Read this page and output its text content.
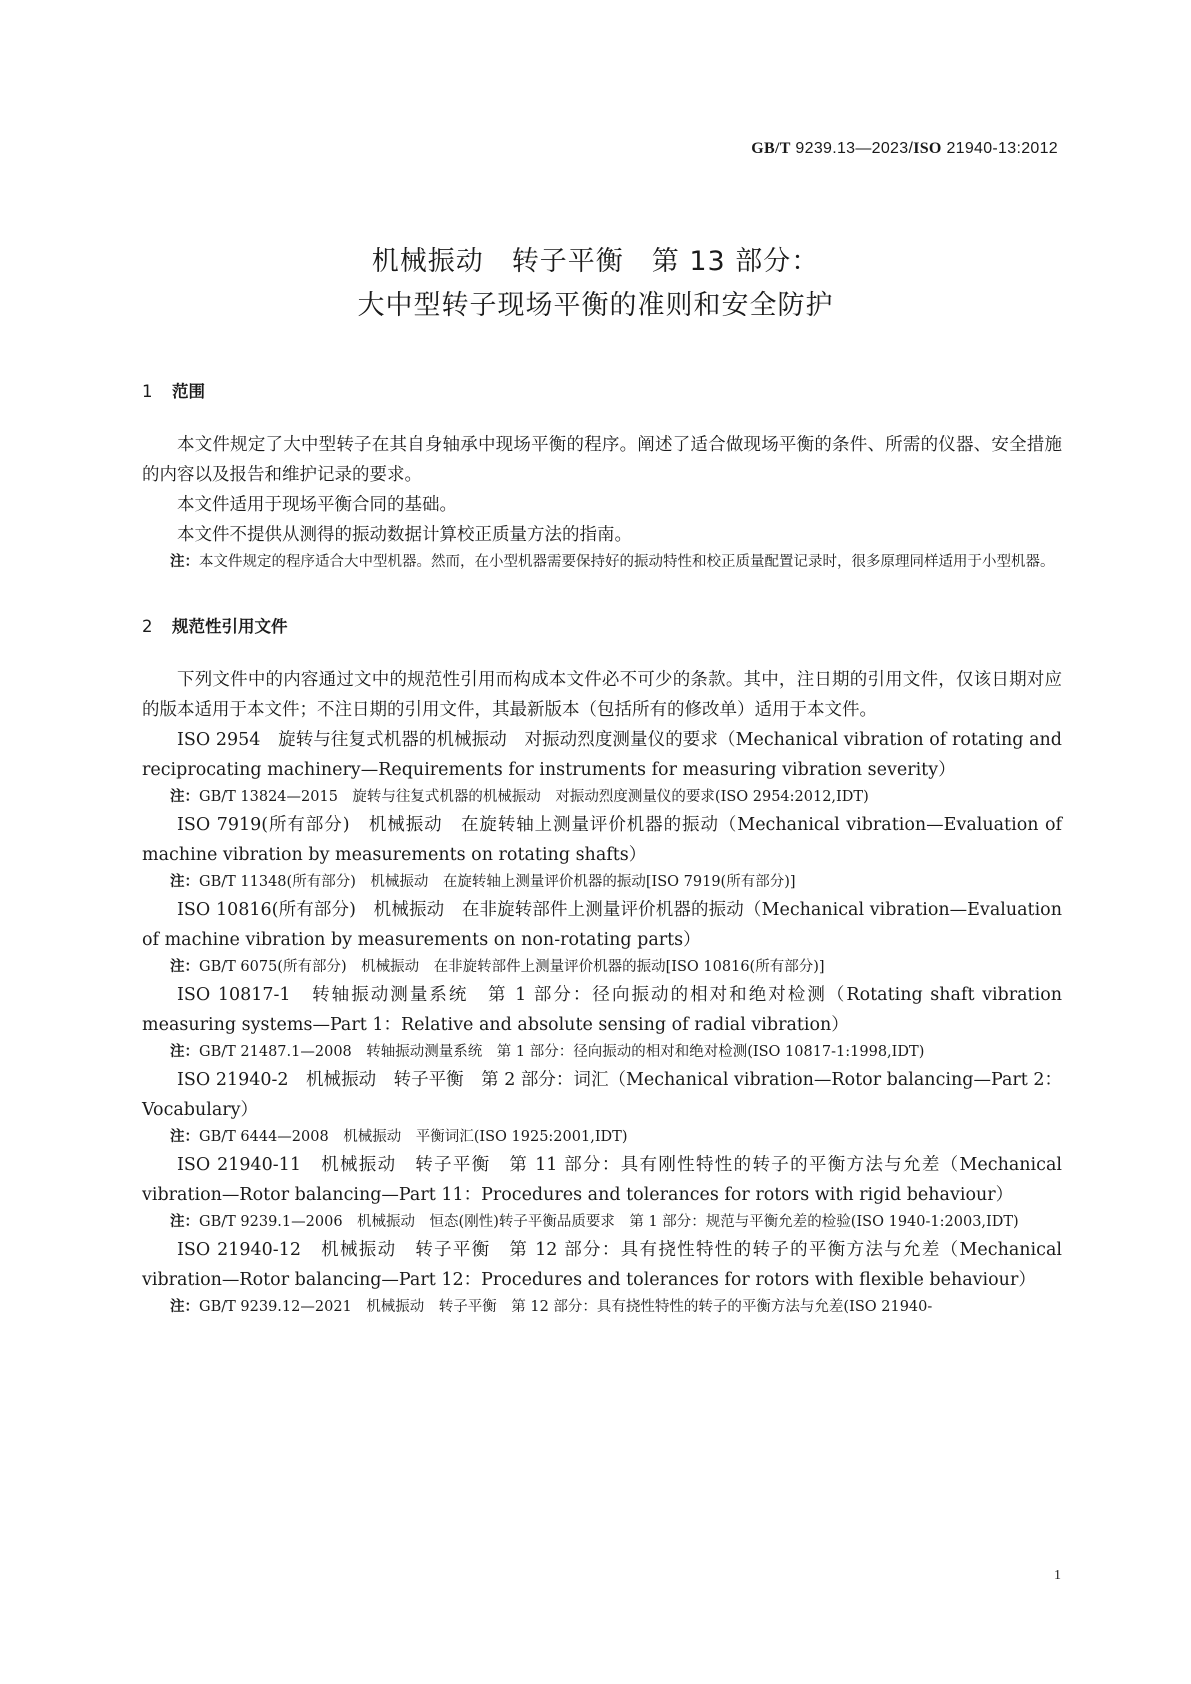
GB/T 9239.13—2023/ISO 21940-13:2012
机械振动　转子平衡　第 13 部分：
大中型转子现场平衡的准则和安全防护
1 范围

本文件规定了大中型转子在其自身轴承中现场平衡的程序。阐述了适合做现场平衡的条件、所需的仪器、安全措施的内容以及报告和维护记录的要求。

本文件适用于现场平衡合同的基础。

本文件不提供从测得的振动数据计算校正质量方法的指南。

注：本文件规定的程序适合大中型机器。然而，在小型机器需要保持好的振动特性和校正质量配置记录时，很多原理同样适用于小型机器。

2 规范性引用文件

下列文件中的内容通过文中的规范性引用而构成本文件必不可少的条款。其中，注日期的引用文件，仅该日期对应的版本适用于本文件；不注日期的引用文件，其最新版本（包括所有的修改单）适用于本文件。

ISO 2954　旋转与往复式机器的机械振动　对振动烈度测量仪的要求（Mechanical vibration of rotating and reciprocating machinery—Requirements for instruments for measuring vibration severity）

注：GB/T 13824—2015　旋转与往复式机器的机械振动　对振动烈度测量仪的要求(ISO 2954:2012,IDT)

ISO 7919(所有部分)　机械振动　在旋转轴上测量评价机器的振动（Mechanical vibration—Evaluation of machine vibration by measurements on rotating shafts）

注：GB/T 11348(所有部分)　机械振动　在旋转轴上测量评价机器的振动[ISO 7919(所有部分)]

ISO 10816(所有部分)　机械振动　在非旋转部件上测量评价机器的振动（Mechanical vibration—Evaluation of machine vibration by measurements on non-rotating parts）

注：GB/T 6075(所有部分)　机械振动　在非旋转部件上测量评价机器的振动[ISO 10816(所有部分)]

ISO 10817-1　转轴振动测量系统　第 1 部分：径向振动的相对和绝对检测（Rotating shaft vibration measuring systems—Part 1：Relative and absolute sensing of radial vibration）

注：GB/T 21487.1—2008　转轴振动测量系统　第 1 部分：径向振动的相对和绝对检测(ISO 10817-1:1998,IDT)

ISO 21940-2　机械振动　转子平衡　第 2 部分：词汇（Mechanical vibration—Rotor balancing—Part 2：Vocabulary）

注：GB/T 6444—2008　机械振动　平衡词汇(ISO 1925:2001,IDT)

ISO 21940-11　机械振动　转子平衡　第 11 部分：具有刚性特性的转子的平衡方法与允差（Mechanical vibration—Rotor balancing—Part 11：Procedures and tolerances for rotors with rigid behaviour）

注：GB/T 9239.1—2006　机械振动　恒态(刚性)转子平衡品质要求　第 1 部分：规范与平衡允差的检验(ISO 1940-1:2003,IDT)

ISO 21940-12　机械振动　转子平衡　第 12 部分：具有挠性特性的转子的平衡方法与允差（Mechanical vibration—Rotor balancing—Part 12：Procedures and tolerances for rotors with flexible behaviour）

注：GB/T 9239.12—2021　机械振动　转子平衡　第 12 部分：具有挠性特性的转子的平衡方法与允差(ISO 21940-

1
